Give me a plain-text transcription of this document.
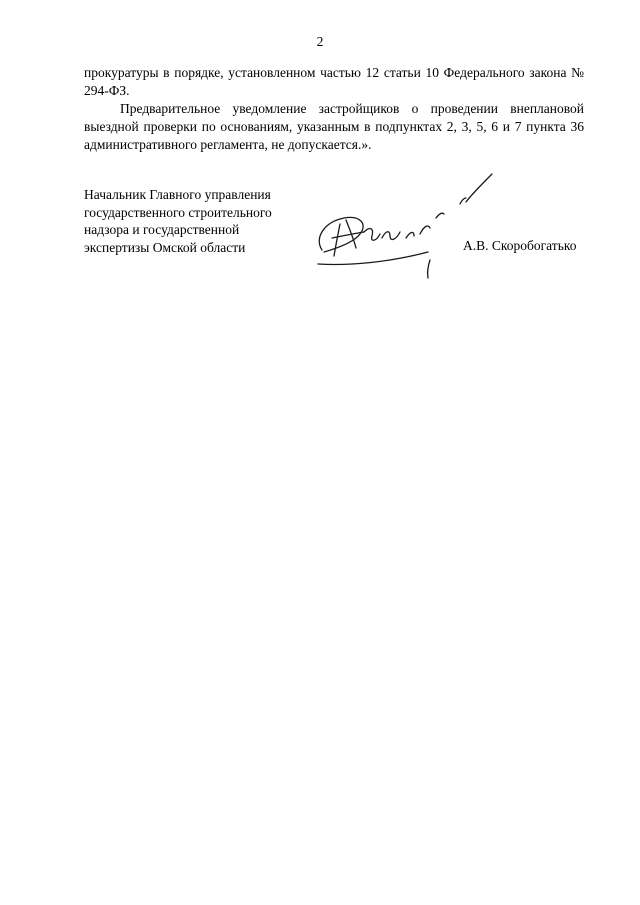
2

прокуратуры в порядке, установленном частью 12 статьи 10 Федерального закона № 294-ФЗ.

Предварительное уведомление застройщиков о проведении внеплановой выездной проверки по основаниям, указанным в подпунктах 2, 3, 5, 6 и 7 пункта 36 административного регламента, не допускается.».

Начальник Главного управления
государственного строительного
надзора и государственной
экспертизы Омской области	А.В. Скоробогатько
